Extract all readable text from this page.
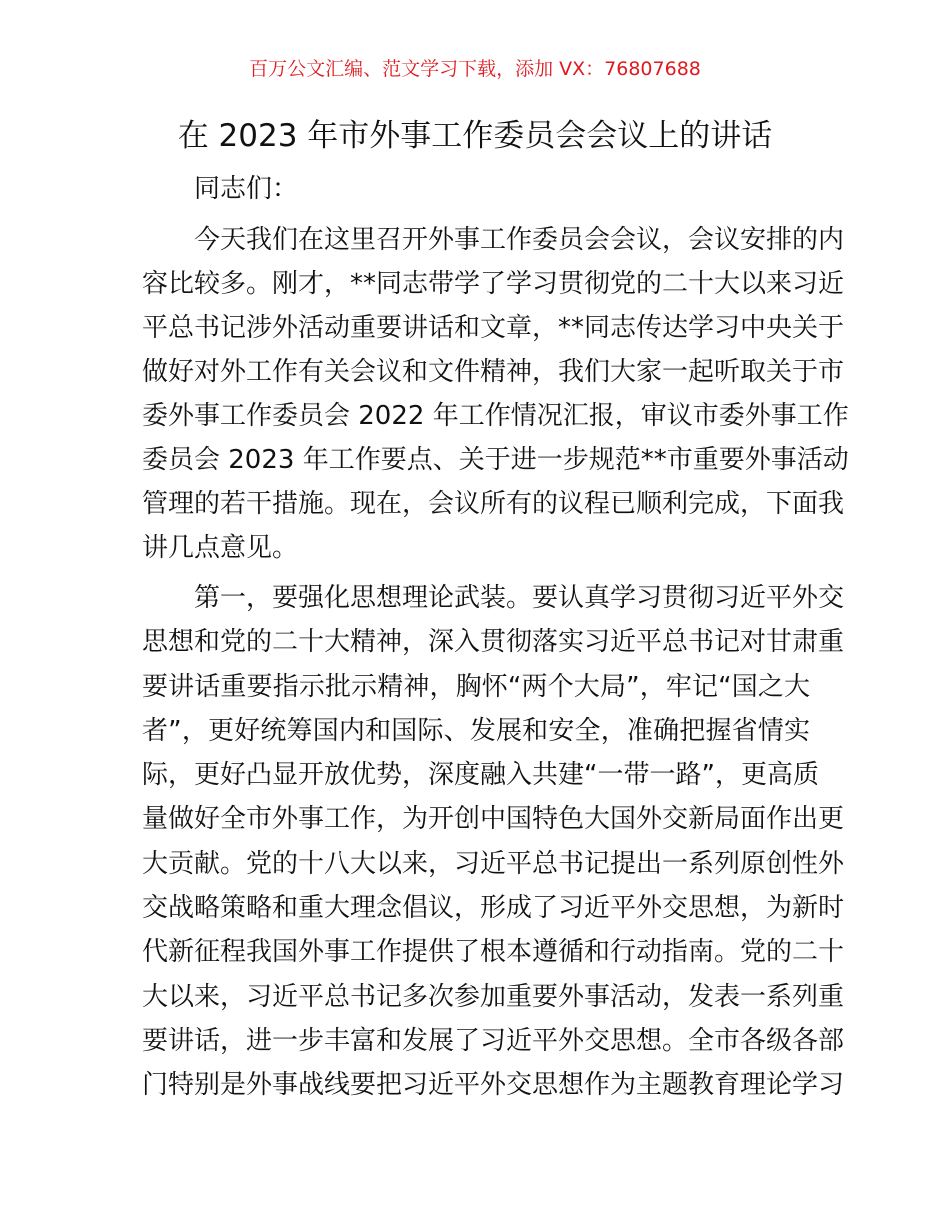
百万公文汇编、范文学习下载，添加 VX：76807688
在 2023 年市外事工作委员会会议上的讲话
同志们：
今天我们在这里召开外事工作委员会会议，会议安排的内
容比较多。刚才，**同志带学了学习贯彻党的二十大以来习近
平总书记涉外活动重要讲话和文章，**同志传达学习中央关于
做好对外工作有关会议和文件精神，我们大家一起听取关于市
委外事工作委员会 2022 年工作情况汇报，审议市委外事工作
委员会 2023 年工作要点、关于进一步规范**市重要外事活动
管理的若干措施。现在，会议所有的议程已顺利完成，下面我
讲几点意见。
第一，要强化思想理论武装。要认真学习贯彻习近平外交
思想和党的二十大精神，深入贯彻落实习近平总书记对甘肃重
要讲话重要指示批示精神，胸怀“两个大局”，牢记“国之大
者”，更好统筹国内和国际、发展和安全，准确把握省情实
际，更好凸显开放优势，深度融入共建“一带一路”，更高质
量做好全市外事工作，为开创中国特色大国外交新局面作出更
大贡献。党的十八大以来，习近平总书记提出一系列原创性外
交战略策略和重大理念倡议，形成了习近平外交思想，为新时
代新征程我国外事工作提供了根本遵循和行动指南。党的二十
大以来，习近平总书记多次参加重要外事活动，发表一系列重
要讲话，进一步丰富和发展了习近平外交思想。全市各级各部
门特别是外事战线要把习近平外交思想作为主题教育理论学习
